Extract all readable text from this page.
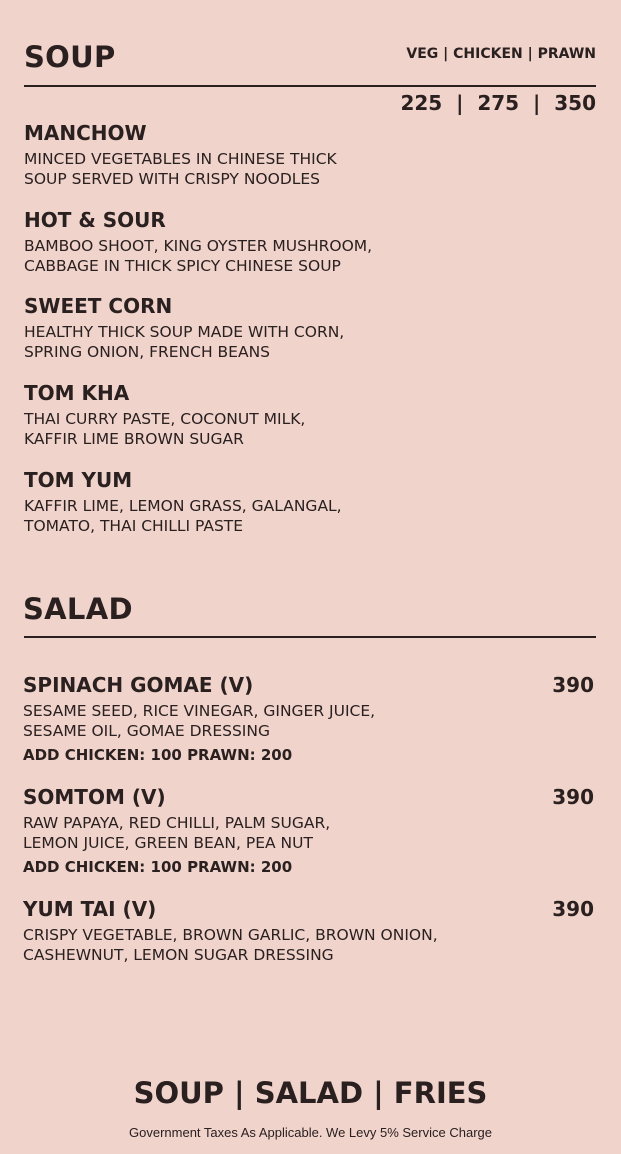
SOUP	VEG | CHICKEN | PRAWN
225  |  275  |  350
MANCHOW
MINCED VEGETABLES IN CHINESE THICK
SOUP SERVED WITH CRISPY NOODLES
HOT & SOUR
BAMBOO SHOOT, KING OYSTER MUSHROOM,
CABBAGE IN THICK SPICY CHINESE SOUP
SWEET CORN
HEALTHY THICK SOUP MADE WITH CORN,
SPRING ONION, FRENCH BEANS
TOM KHA
THAI CURRY PASTE, COCONUT MILK,
KAFFIR LIME BROWN SUGAR
TOM YUM
KAFFIR LIME, LEMON GRASS, GALANGAL,
TOMATO, THAI CHILLI PASTE
SALAD
SPINACH GOMAE (V)
SESAME SEED, RICE VINEGAR, GINGER JUICE,
SESAME OIL, GOMAE DRESSING
ADD CHICKEN: 100 PRAWN: 200
390
SOMTOM (V)
RAW PAPAYA, RED CHILLI, PALM SUGAR,
LEMON JUICE, GREEN BEAN, PEA NUT
ADD CHICKEN: 100 PRAWN: 200
390
YUM TAI (V)
CRISPY VEGETABLE, BROWN GARLIC, BROWN ONION,
CASHEWNUT, LEMON SUGAR DRESSING
390
SOUP | SALAD | FRIES
Government Taxes As Applicable. We Levy 5% Service Charge
